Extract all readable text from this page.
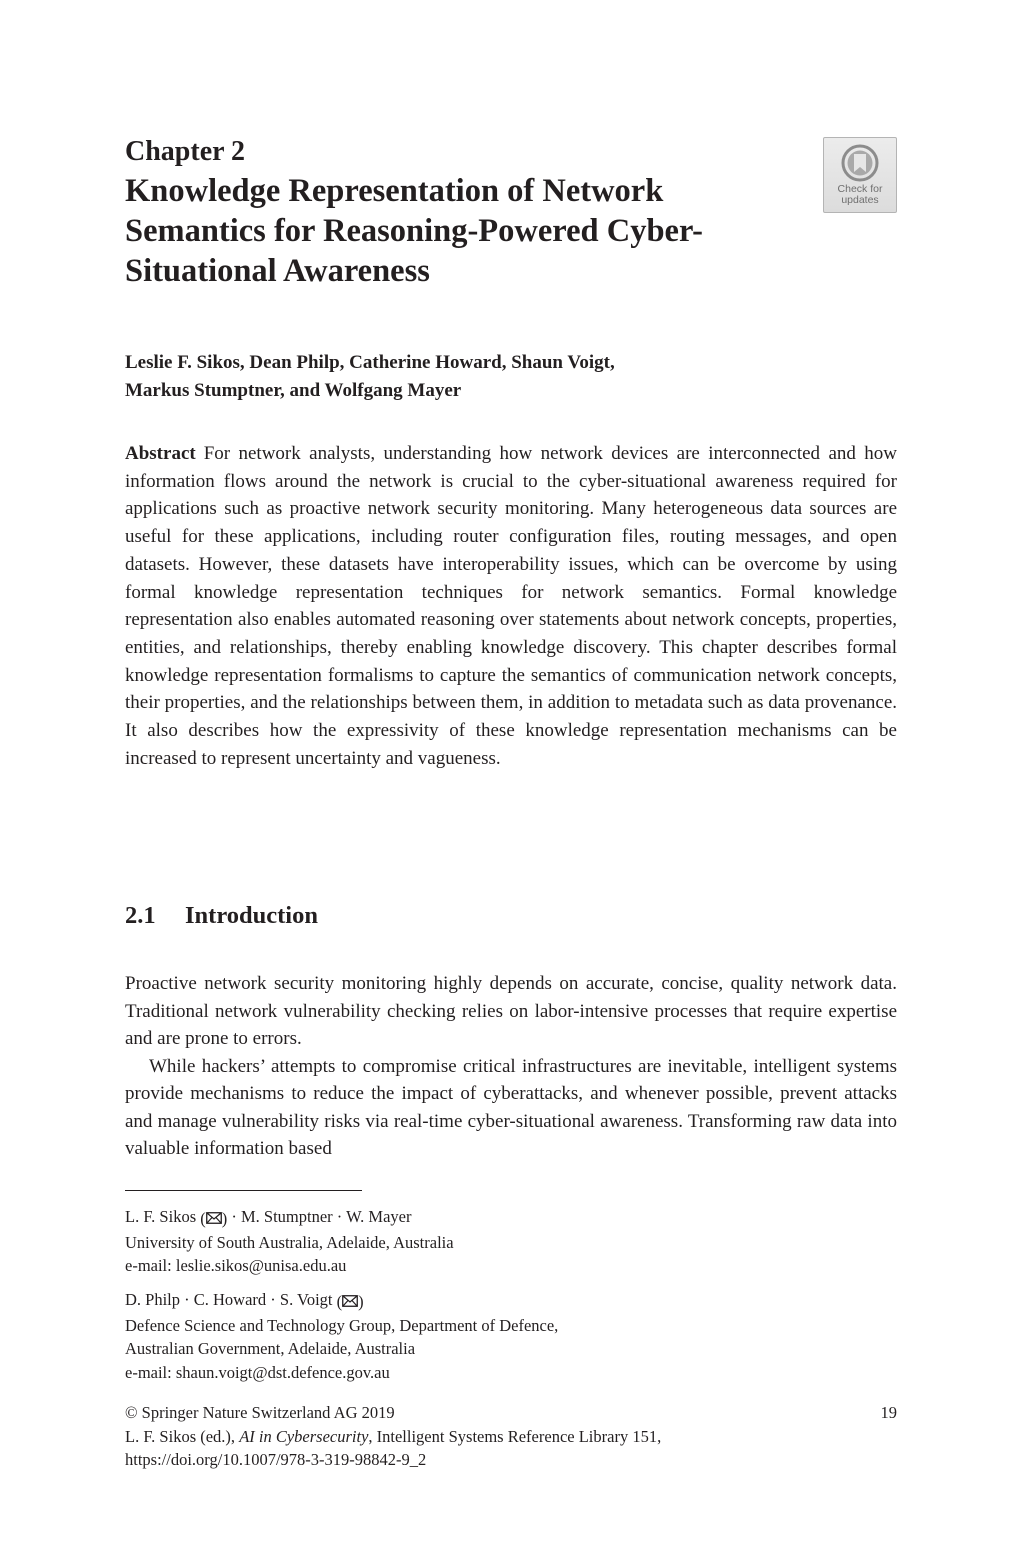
Chapter 2
Knowledge Representation of Network Semantics for Reasoning-Powered Cyber-Situational Awareness
Check for
updates
Leslie F. Sikos, Dean Philp, Catherine Howard, Shaun Voigt,
Markus Stumptner, and Wolfgang Mayer
Abstract For network analysts, understanding how network devices are interconnected and how information flows around the network is crucial to the cyber-situational awareness required for applications such as proactive network security monitoring. Many heterogeneous data sources are useful for these applications, including router configuration files, routing messages, and open datasets. However, these datasets have interoperability issues, which can be overcome by using formal knowledge representation techniques for network semantics. Formal knowledge representation also enables automated reasoning over statements about network concepts, properties, entities, and relationships, thereby enabling knowledge discovery. This chapter describes formal knowledge representation formalisms to capture the semantics of communication network concepts, their properties, and the relationships between them, in addition to metadata such as data provenance. It also describes how the expressivity of these knowledge representation mechanisms can be increased to represent uncertainty and vagueness.
2.1 Introduction

Proactive network security monitoring highly depends on accurate, concise, quality network data. Traditional network vulnerability checking relies on labor-intensive processes that require expertise and are prone to errors.

While hackers’ attempts to compromise critical infrastructures are inevitable, intelligent systems provide mechanisms to reduce the impact of cyberattacks, and whenever possible, prevent attacks and manage vulnerability risks via real-time cyber-situational awareness. Transforming raw data into valuable information based

L. F. Sikos ( ) · M. Stumptner · W. Mayer
University of South Australia, Adelaide, Australia
e-mail: leslie.sikos@unisa.edu.au
D. Philp · C. Howard · S. Voigt ( )
Defence Science and Technology Group, Department of Defence,
Australian Government, Adelaide, Australia
e-mail: shaun.voigt@dst.defence.gov.au
19
© Springer Nature Switzerland AG 2019
L. F. Sikos (ed.), AI in Cybersecurity, Intelligent Systems Reference Library 151,
https://doi.org/10.1007/978-3-319-98842-9_2
